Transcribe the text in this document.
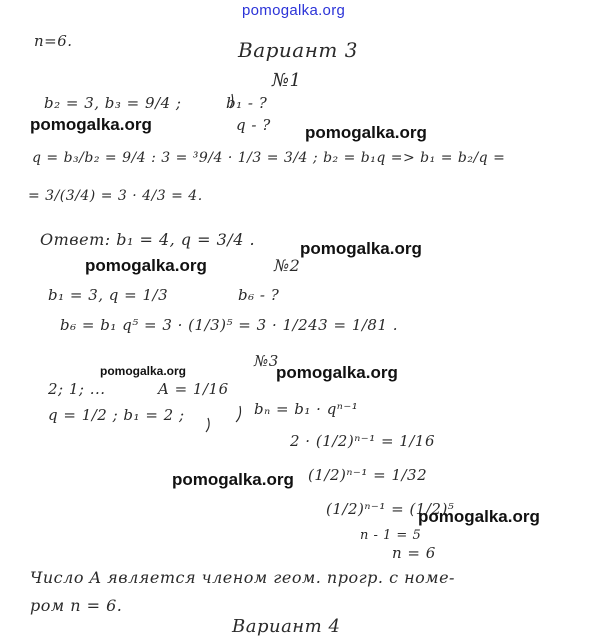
pomogalka.org
n=6.	Вариант 3
№1
b₂ = 3, b₃ = 9/4 ;	b₁ - ?
q - ?
q = b₃/b₂ = 9/4 : 3 = ³9/4 · 1/3 = 3/4 ; b₂ = b₁q => b₁ = b₂/q =
= 3/(3/4) = 3 · 4/3 = 4.
Ответ: b₁ = 4, q = 3/4 .
№2
b₁ = 3, q = 1/3	b₆ - ?
b₆ = b₁ q⁵ = 3 · (1/3)⁵ = 3 · 1/243 = 1/81 .
№3
2; 1; ...	A = 1/16
q = 1/2 ; b₁ = 2 ;	bₙ = b₁ · qⁿ⁻¹
2 · (1/2)ⁿ⁻¹ = 1/16
(1/2)ⁿ⁻¹ = 1/32
(1/2)ⁿ⁻¹ = (1/2)⁵
n - 1 = 5
n = 6
Число A является членом геом. прогр. с номе-
ром n = 6.
Вариант 4
pomogalka.org	pomogalka.org
pomogalka.org
pomogalka.org
pomogalka.org	pomogalka.org
pomogalka.org
pomogalka.org
